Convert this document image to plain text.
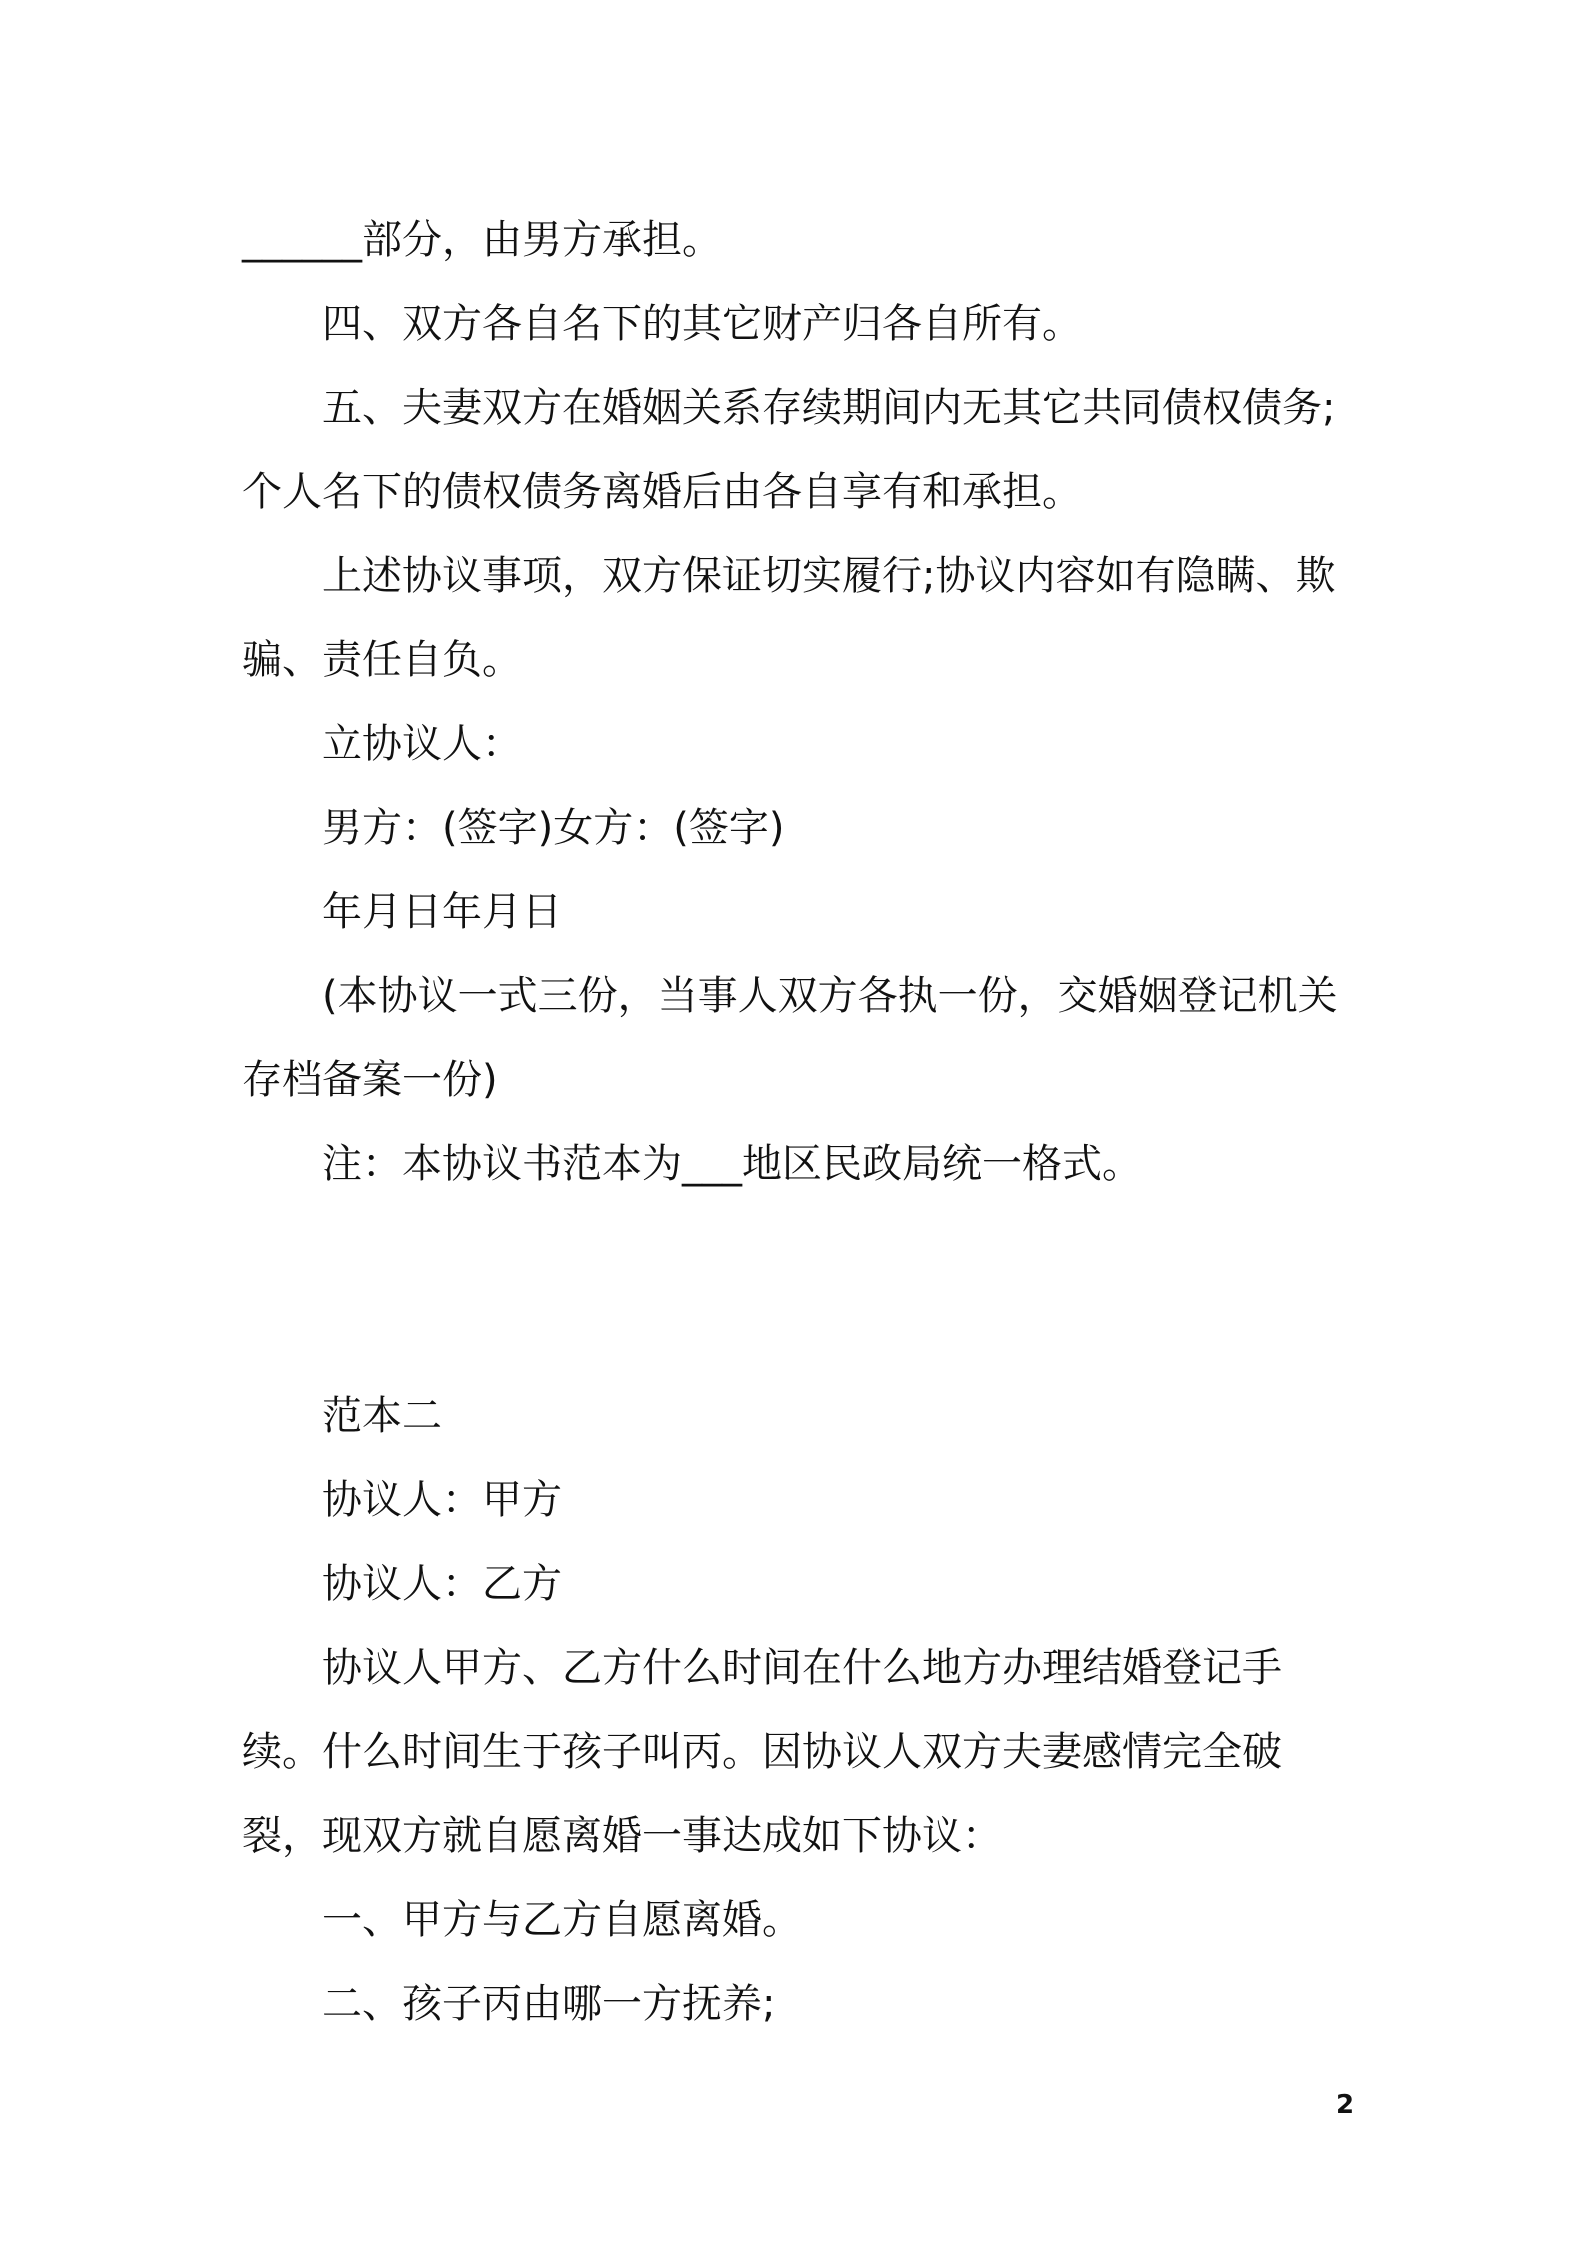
______部分，由男方承担。

四、双方各自名下的其它财产归各自所有。

五、夫妻双方在婚姻关系存续期间内无其它共同债权债务;个人名下的债权债务离婚后由各自享有和承担。

上述协议事项，双方保证切实履行;协议内容如有隐瞒、欺骗、责任自负。

立协议人：

男方：(签字)女方：(签字)

年月日年月日

(本协议一式三份，当事人双方各执一份，交婚姻登记机关存档备案一份)

注：本协议书范本为___地区民政局统一格式。

范本二

协议人：甲方

协议人：乙方

协议人甲方、乙方什么时间在什么地方办理结婚登记手续。什么时间生于孩子叫丙。因协议人双方夫妻感情完全破裂，现双方就自愿离婚一事达成如下协议：

一、甲方与乙方自愿离婚。

二、孩子丙由哪一方抚养;

2
